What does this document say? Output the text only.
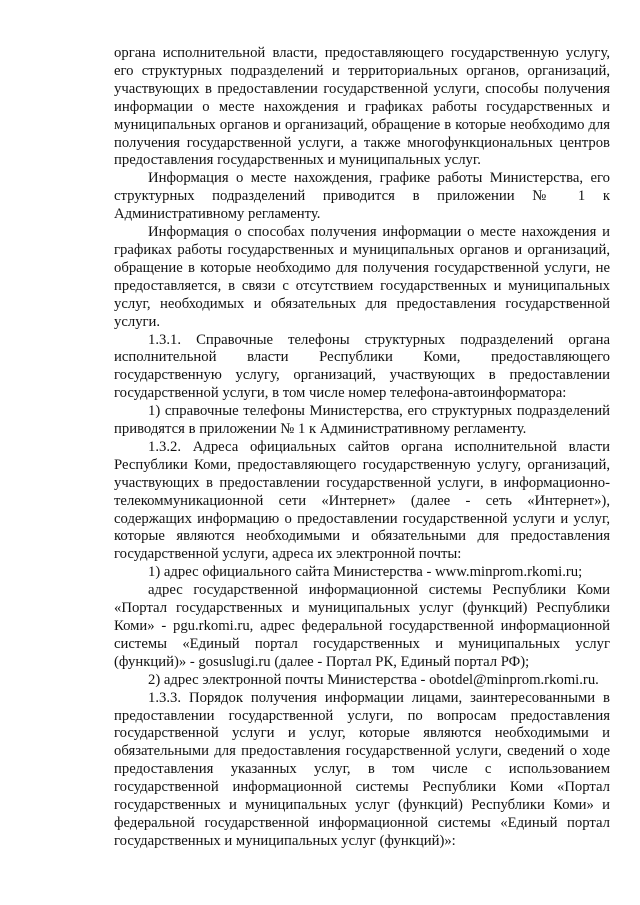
органа исполнительной власти, предоставляющего государственную услугу, его структурных подразделений и территориальных органов, организаций, участвующих в предоставлении государственной услуги, способы получения информации о месте нахождения и графиках работы государственных и муниципальных органов и организаций, обращение в которые необходимо для получения государственной услуги, а также многофункциональных центров предоставления государственных и муниципальных услуг.

Информация о месте нахождения, графике работы Министерства, его структурных подразделений приводится в приложении № 1 к Административному регламенту.

Информация о способах получения информации о месте нахождения и графиках работы государственных и муниципальных органов и организаций, обращение в которые необходимо для получения государственной услуги, не предоставляется, в связи с отсутствием государственных и муниципальных услуг, необходимых и обязательных для предоставления государственной услуги.

1.3.1. Справочные телефоны структурных подразделений органа исполнительной власти Республики Коми, предоставляющего государственную услугу, организаций, участвующих в предоставлении государственной услуги, в том числе номер телефона-автоинформатора:

1) справочные телефоны Министерства, его структурных подразделений приводятся в приложении № 1 к Административному регламенту.

1.3.2. Адреса официальных сайтов органа исполнительной власти Республики Коми, предоставляющего государственную услугу, организаций, участвующих в предоставлении государственной услуги, в информационно-телекоммуникационной сети «Интернет» (далее - сеть «Интернет»), содержащих информацию о предоставлении государственной услуги и услуг, которые являются необходимыми и обязательными для предоставления государственной услуги, адреса их электронной почты:

1) адрес официального сайта Министерства - www.minprom.rkomi.ru;

адрес государственной информационной системы Республики Коми «Портал государственных и муниципальных услуг (функций) Республики Коми» - pgu.rkomi.ru, адрес федеральной государственной информационной системы «Единый портал государственных и муниципальных услуг (функций)» - gosuslugi.ru (далее - Портал РК, Единый портал РФ);

2) адрес электронной почты Министерства - obotdel@minprom.rkomi.ru.

1.3.3. Порядок получения информации лицами, заинтересованными в предоставлении государственной услуги, по вопросам предоставления государственной услуги и услуг, которые являются необходимыми и обязательными для предоставления государственной услуги, сведений о ходе предоставления указанных услуг, в том числе с использованием государственной информационной системы Республики Коми «Портал государственных и муниципальных услуг (функций) Республики Коми» и федеральной государственной информационной системы «Единый портал государственных и муниципальных услуг (функций)»:
